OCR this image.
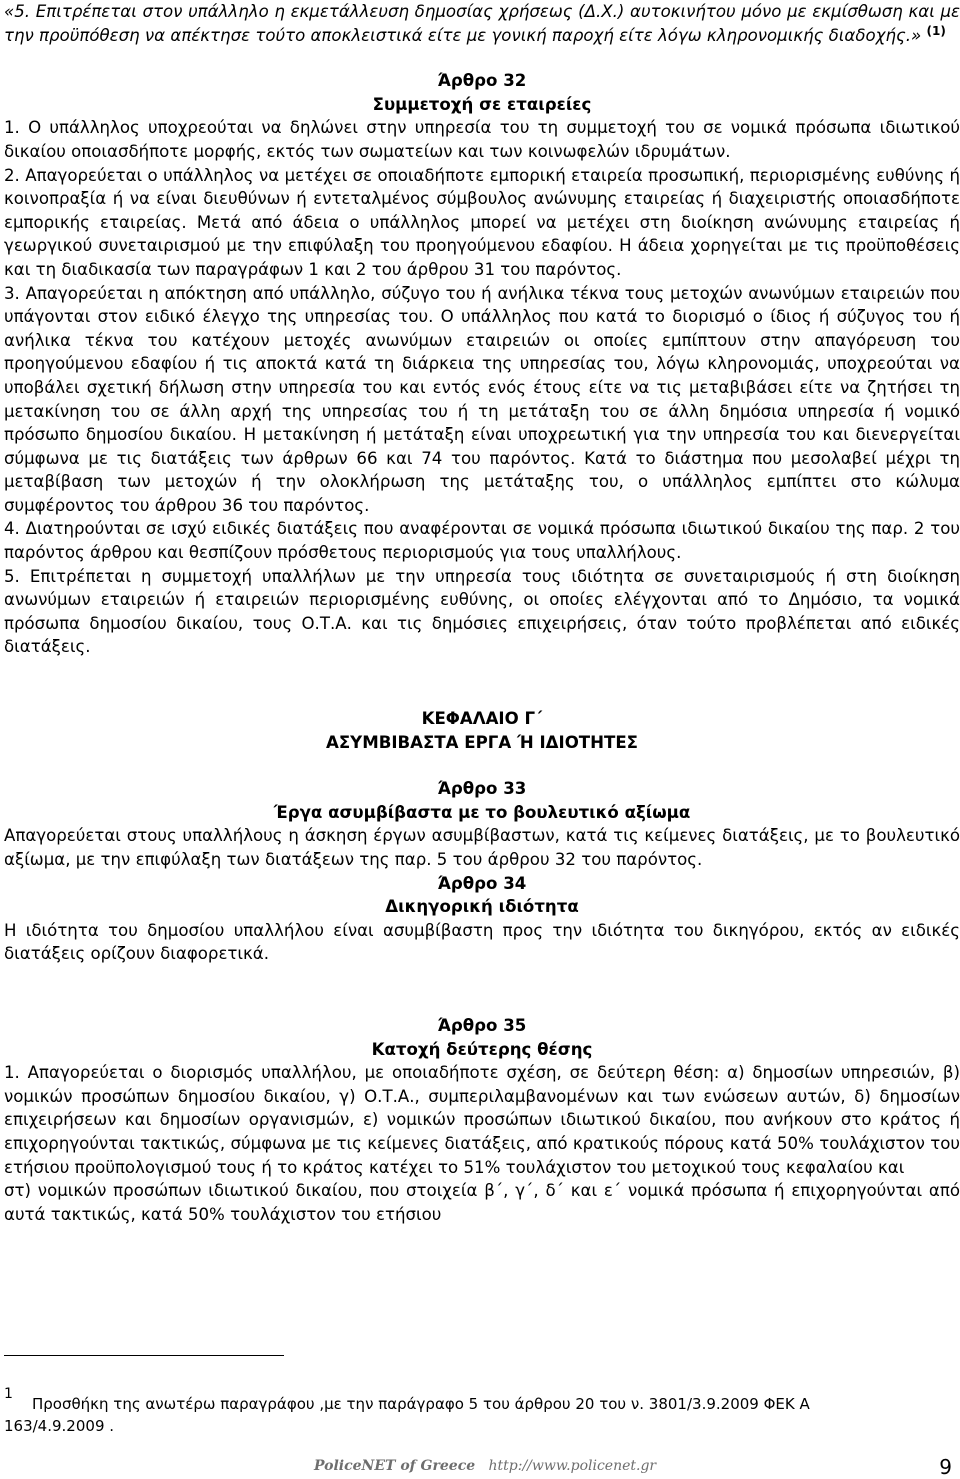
«5. Επιτρέπεται στον υπάλληλο η εκμετάλλευση δημοσίας χρήσεως (Δ.Χ.) αυτοκινήτου μόνο με εκμίσθωση και με την προϋπόθεση να απέκτησε τούτο αποκλειστικά είτε με γονική παροχή είτε λόγω κληρονομικής διαδοχής.» $^{(1)}$

Άρθρο 32

Συμμετοχή σε εταιρείες

1. Ο υπάλληλος υποχρεούται να δηλώνει στην υπηρεσία του τη συμμετοχή του σε νομικά πρόσωπα ιδιωτικού δικαίου οποιασδήποτε μορφής, εκτός των σωματείων και των κοινωφελών ιδρυμάτων.

2. Απαγορεύεται ο υπάλληλος να μετέχει σε οποιαδήποτε εμπορική εταιρεία προσωπική, περιορισμένης ευθύνης ή κοινοπραξία ή να είναι διευθύνων ή εντεταλμένος σύμβουλος ανώνυμης εταιρείας ή διαχειριστής οποιασδήποτε εμπορικής εταιρείας. Μετά από άδεια ο υπάλληλος μπορεί να μετέχει στη διοίκηση ανώνυμης εταιρείας ή γεωργικού συνεταιρισμού με την επιφύλαξη του προηγούμενου εδαφίου. Η άδεια χορηγείται με τις προϋποθέσεις και τη διαδικασία των παραγράφων 1 και 2 του άρθρου 31 του παρόντος.

3. Απαγορεύεται η απόκτηση από υπάλληλο, σύζυγο του ή ανήλικα τέκνα τους μετοχών ανωνύμων εταιρειών που υπάγονται στον ειδικό έλεγχο της υπηρεσίας του. Ο υπάλληλος που κατά το διορισμό ο ίδιος ή σύζυγος του ή ανήλικα τέκνα του κατέχουν μετοχές ανωνύμων εταιρειών οι οποίες εμπίπτουν στην απαγόρευση του προηγούμενου εδαφίου ή τις αποκτά κατά τη διάρκεια της υπηρεσίας του, λόγω κληρονομιάς, υποχρεούται να υποβάλει σχετική δήλωση στην υπηρεσία του και εντός ενός έτους είτε να τις μεταβιβάσει είτε να ζητήσει τη μετακίνηση του σε άλλη αρχή της υπηρεσίας του ή τη μετάταξη του σε άλλη δημόσια υπηρεσία ή νομικό πρόσωπο δημοσίου δικαίου. Η μετακίνηση ή μετάταξη είναι υποχρεωτική για την υπηρεσία του και διενεργείται σύμφωνα με τις διατάξεις των άρθρων 66 και 74 του παρόντος. Κατά το διάστημα που μεσολαβεί μέχρι τη μεταβίβαση των μετοχών ή την ολοκλήρωση της μετάταξης του, ο υπάλληλος εμπίπτει στο κώλυμα συμφέροντος του άρθρου 36 του παρόντος.

4. Διατηρούνται σε ισχύ ειδικές διατάξεις που αναφέρονται σε νομικά πρόσωπα ιδιωτικού δικαίου της παρ. 2 του παρόντος άρθρου και θεσπίζουν πρόσθετους περιορισμούς για τους υπαλλήλους.

5. Επιτρέπεται η συμμετοχή υπαλλήλων με την υπηρεσία τους ιδιότητα σε συνεταιρισμούς ή στη διοίκηση ανωνύμων εταιρειών ή εταιρειών περιορισμένης ευθύνης, οι οποίες ελέγχονται από το Δημόσιο, τα νομικά πρόσωπα δημοσίου δικαίου, τους Ο.Τ.Α. και τις δημόσιες επιχειρήσεις, όταν τούτο προβλέπεται από ειδικές διατάξεις.

ΚΕΦΑΛΑΙΟ Γ΄

ΑΣΥΜΒΙΒΑΣΤΑ ΕΡΓΑ Ή ΙΔΙΟΤΗΤΕΣ

Άρθρο 33

Έργα ασυμβίβαστα με το βουλευτικό αξίωμα

Απαγορεύεται στους υπαλλήλους η άσκηση έργων ασυμβίβαστων, κατά τις κείμενες διατάξεις, με το βουλευτικό αξίωμα, με την επιφύλαξη των διατάξεων της παρ. 5 του άρθρου 32 του παρόντος.

Άρθρο 34

Δικηγορική ιδιότητα

Η ιδιότητα του δημοσίου υπαλλήλου είναι ασυμβίβαστη προς την ιδιότητα του δικηγόρου, εκτός αν ειδικές διατάξεις ορίζουν διαφορετικά.

Άρθρο 35

Κατοχή δεύτερης θέσης

1. Απαγορεύεται ο διορισμός υπαλλήλου, με οποιαδήποτε σχέση, σε δεύτερη θέση: α) δημοσίων υπηρεσιών, β) νομικών προσώπων δημοσίου δικαίου, γ) Ο.Τ.Α., συμπεριλαμβανομένων και των ενώσεων αυτών, δ) δημοσίων επιχειρήσεων και δημοσίων οργανισμών, ε) νομικών προσώπων ιδιωτικού δικαίου, που ανήκουν στο κράτος ή επιχορηγούνται τακτικώς, σύμφωνα με τις κείμενες διατάξεις, από κρατικούς πόρους κατά 50% τουλάχιστον του ετήσιου προϋπολογισμού τους ή το κράτος κατέχει το 51% τουλάχιστον του μετοχικού τους κεφαλαίου και

στ) νομικών προσώπων ιδιωτικού δικαίου, που στοιχεία β΄, γ΄, δ΄ και ε΄ νομικά πρόσωπα ή επιχορηγούνται από αυτά τακτικώς, κατά 50% τουλάχιστον του ετήσιου

1
Προσθήκη της ανωτέρω παραγράφου ,με την παράγραφο 5 του άρθρου 20 του ν. 3801/3.9.2009 ΦΕΚ Α
163/4.9.2009 .
PoliceNET of Greece http://www.policenet.gr	9
